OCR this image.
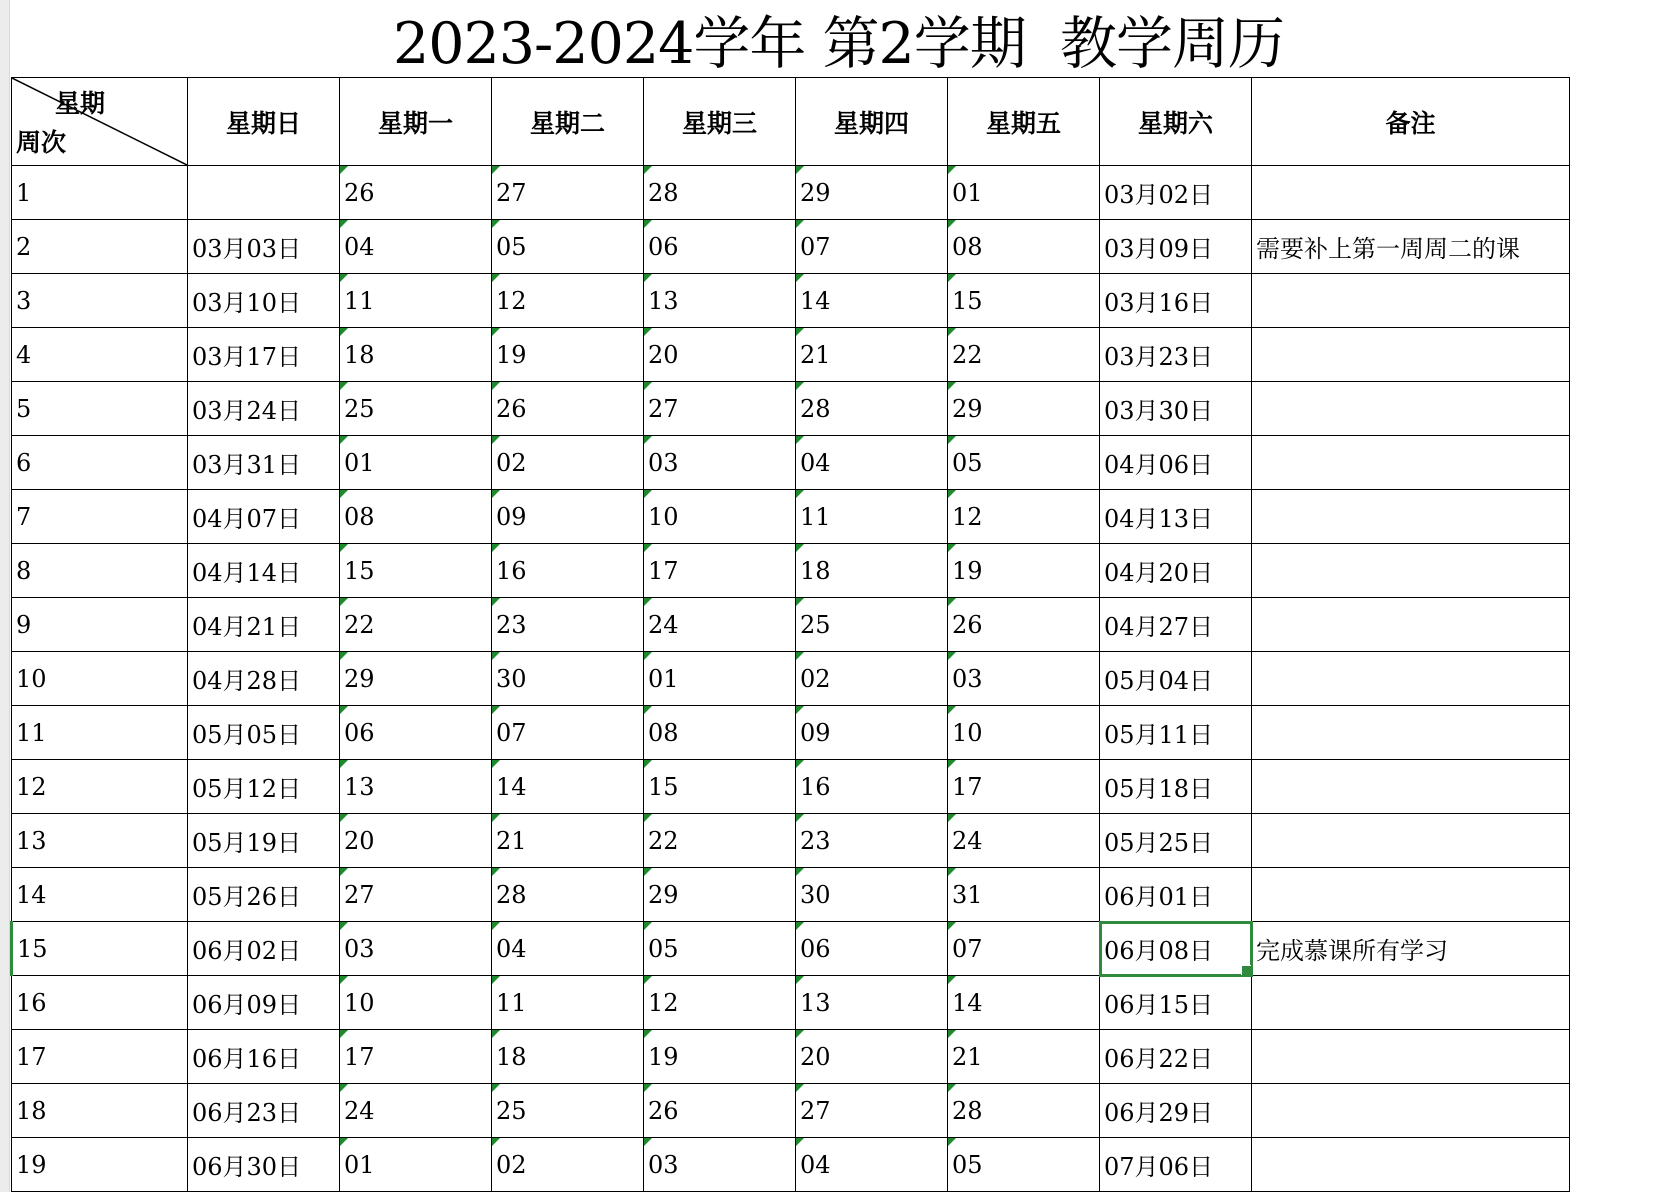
2023-2024学年 第2学期  教学周历
星期
周次	星期日	星期一	星期二	星期三	星期四	星期五	星期六	备注
1		26	27	28	29	01	03月02日	
2	03月03日	04	05	06	07	08	03月09日	需要补上第一周周二的课
3	03月10日	11	12	13	14	15	03月16日	
4	03月17日	18	19	20	21	22	03月23日	
5	03月24日	25	26	27	28	29	03月30日	
6	03月31日	01	02	03	04	05	04月06日	
7	04月07日	08	09	10	11	12	04月13日	
8	04月14日	15	16	17	18	19	04月20日	
9	04月21日	22	23	24	25	26	04月27日	
10	04月28日	29	30	01	02	03	05月04日	
11	05月05日	06	07	08	09	10	05月11日	
12	05月12日	13	14	15	16	17	05月18日	
13	05月19日	20	21	22	23	24	05月25日	
14	05月26日	27	28	29	30	31	06月01日	
15	06月02日	03	04	05	06	07	06月08日	完成慕课所有学习
16	06月09日	10	11	12	13	14	06月15日	
17	06月16日	17	18	19	20	21	06月22日	
18	06月23日	24	25	26	27	28	06月29日	
19	06月30日	01	02	03	04	05	07月06日	
